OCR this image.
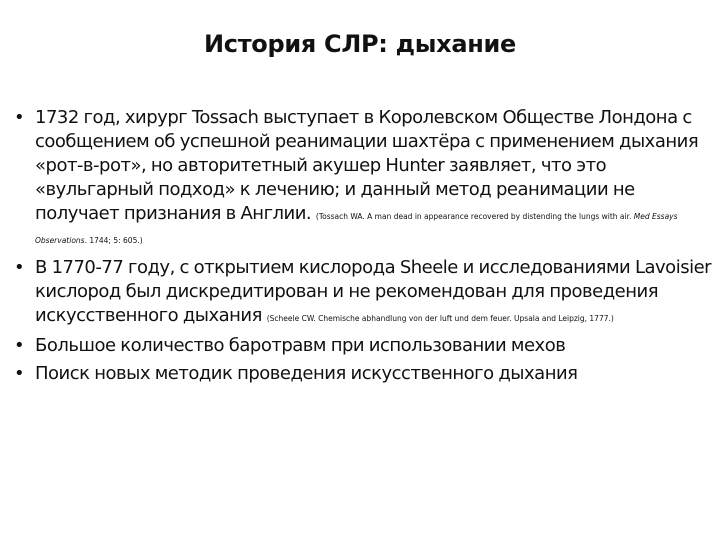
История СЛР: дыхание
• 1732 год, хирург Tossach выступает в Королевском Обществе Лондона с сообщением об успешной реанимации шахтёра с применением дыхания «рот-в-рот», но авторитетный акушер Hunter заявляет, что это «вульгарный подход» к лечению; и данный метод реанимации не получает признания в Англии. (Tossach WA. A man dead in appearance recovered by distending the lungs with air. Med Essays Observations. 1744; 5: 605.)
• В 1770-77 году, с открытием кислорода Sheele и исследованиями Lavoisier кислород был дискредитирован и не рекомендован для проведения искусственного дыхания (Scheele CW. Chemische abhandlung von der luft und dem feuer. Upsala and Leipzig, 1777.)
• Большое количество баротравм при использовании мехов
• Поиск новых методик проведения искусственного дыхания
